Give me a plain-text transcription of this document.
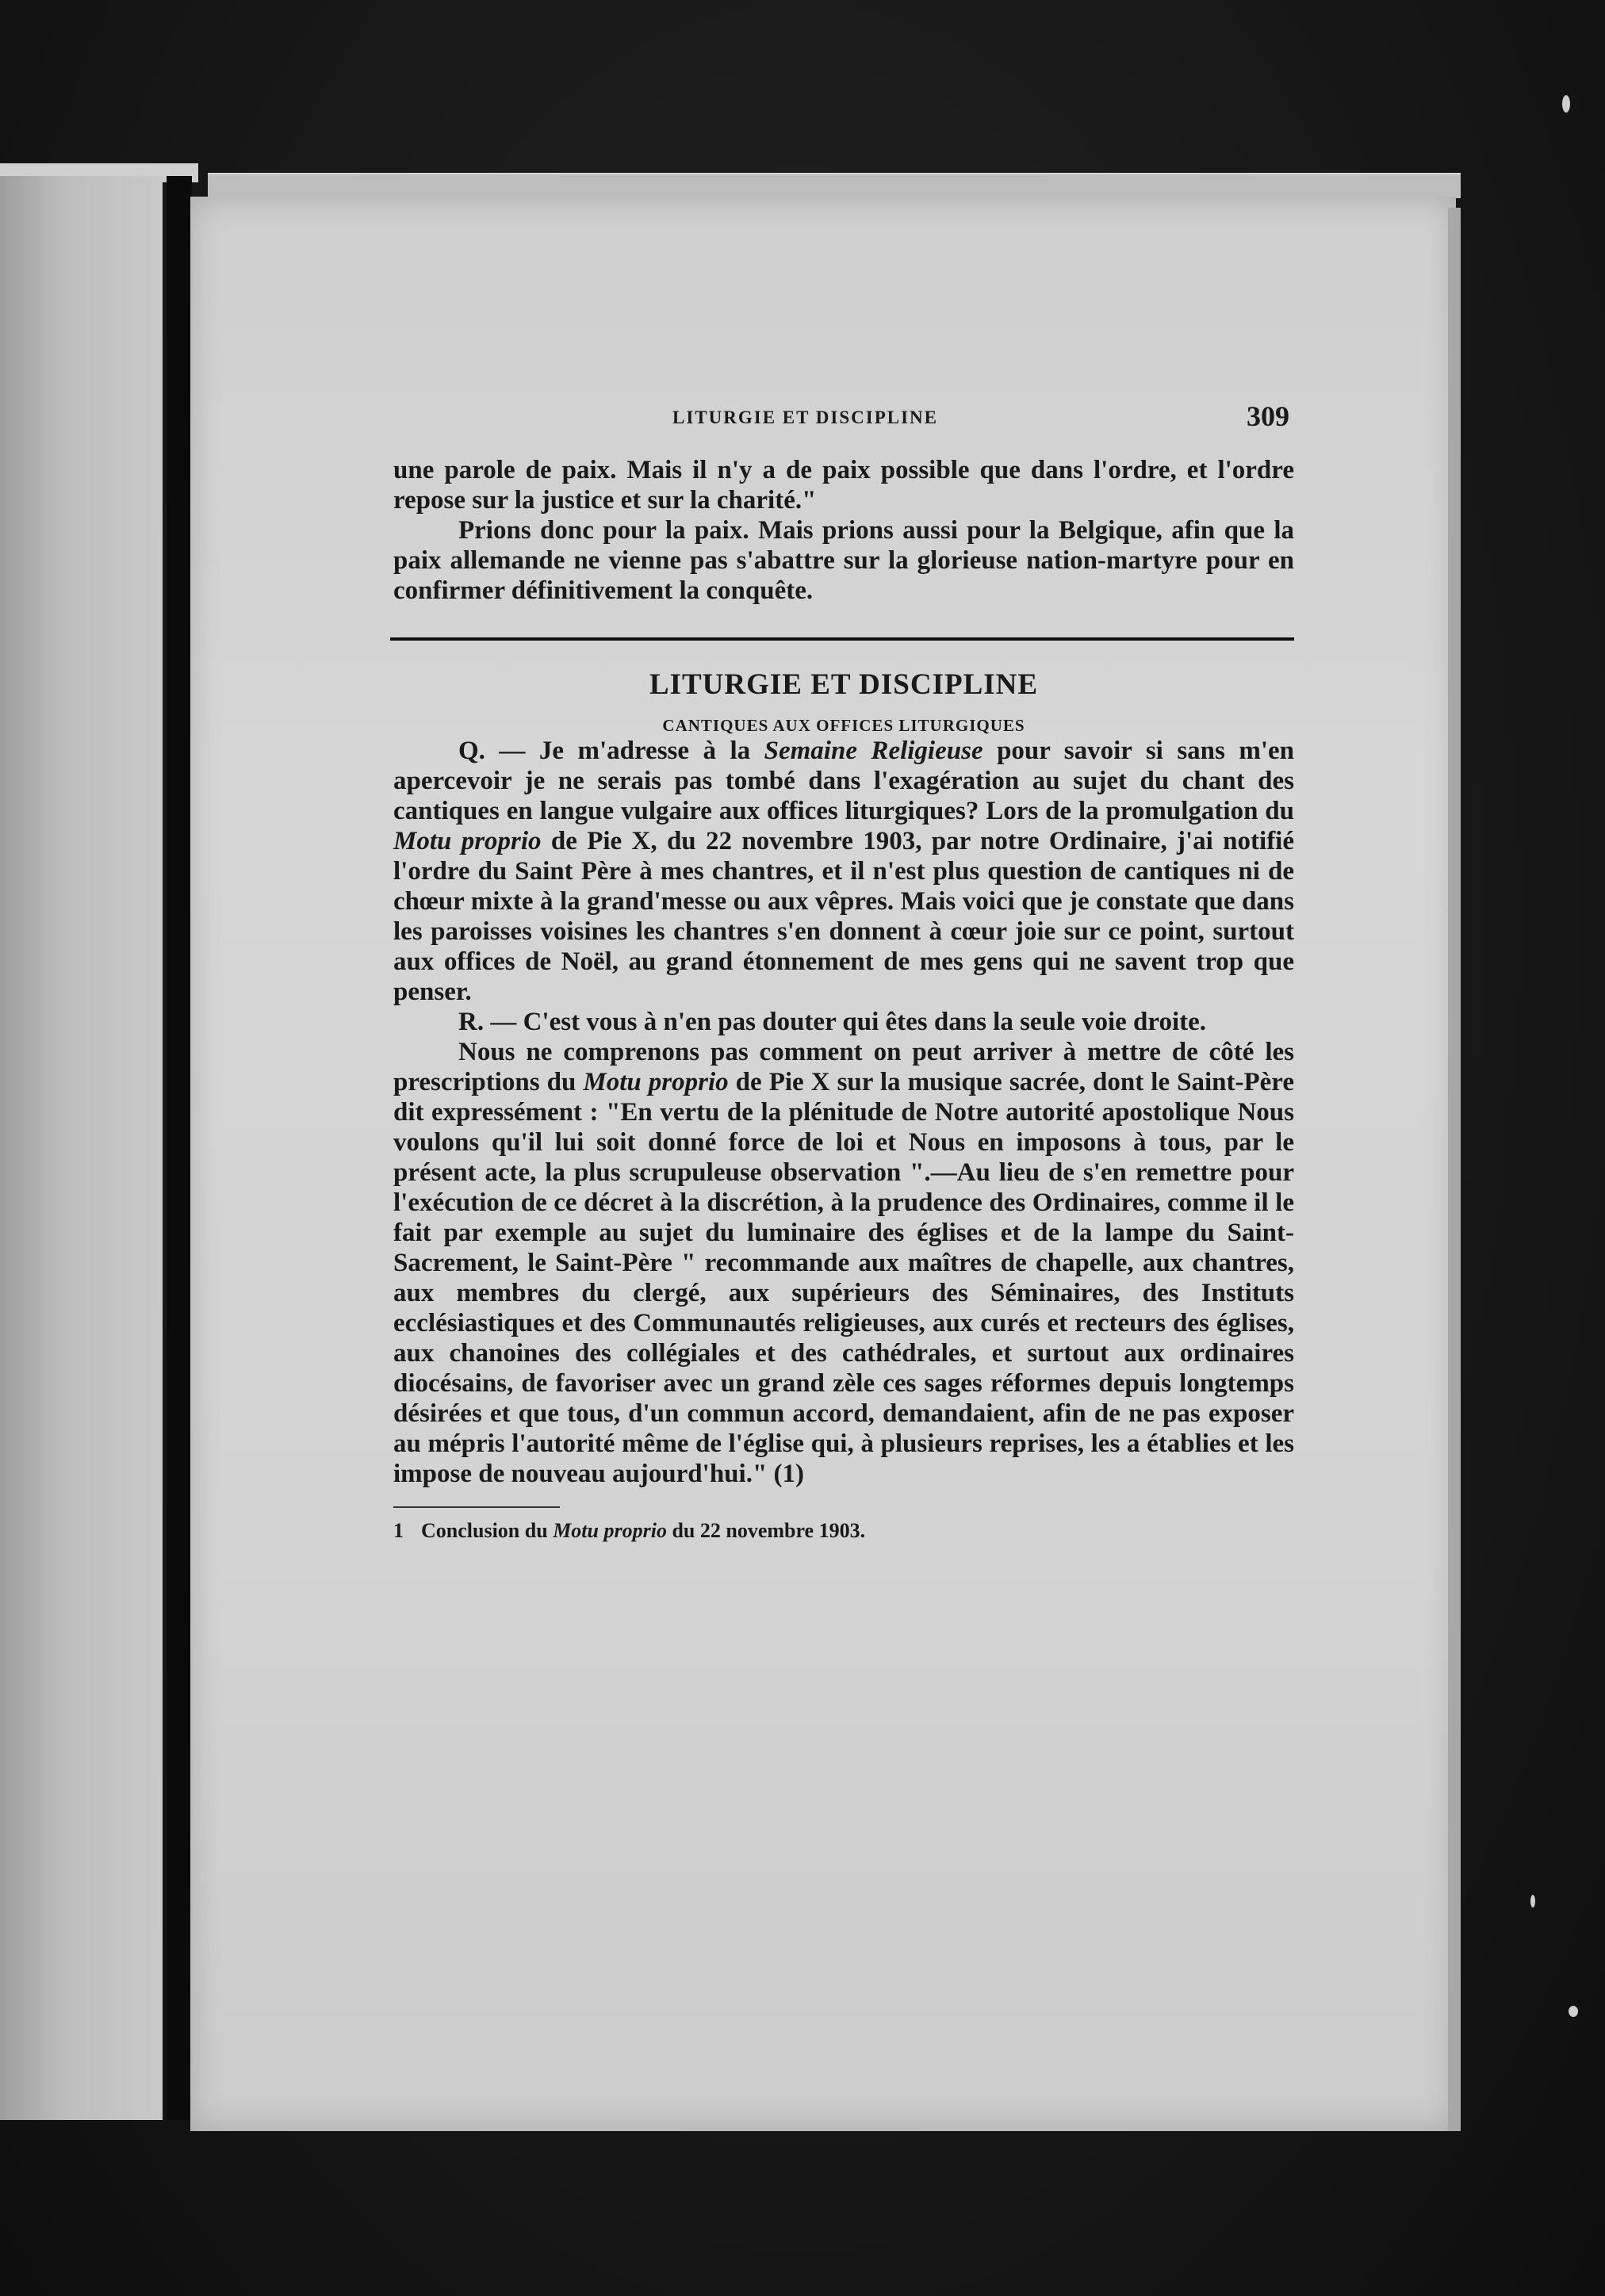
LITURGIE ET DISCIPLINE	309

une parole de paix. Mais il n'y a de paix possible que dans l'ordre, et l'ordre repose sur la justice et sur la charité."

Prions donc pour la paix. Mais prions aussi pour la Belgique, afin que la paix allemande ne vienne pas s'abattre sur la glorieuse nation-martyre pour en confirmer définitivement la conquête.

LITURGIE ET DISCIPLINE
CANTIQUES AUX OFFICES LITURGIQUES

Q. — Je m'adresse à la Semaine Religieuse pour savoir si sans m'en apercevoir je ne serais pas tombé dans l'exagération au sujet du chant des cantiques en langue vulgaire aux offices liturgiques? Lors de la promulgation du Motu proprio de Pie X, du 22 novembre 1903, par notre Ordinaire, j'ai notifié l'ordre du Saint Père à mes chantres, et il n'est plus question de cantiques ni de chœur mixte à la grand'messe ou aux vêpres. Mais voici que je constate que dans les paroisses voisines les chantres s'en donnent à cœur joie sur ce point, surtout aux offices de Noël, au grand étonnement de mes gens qui ne savent trop que penser.

R. — C'est vous à n'en pas douter qui êtes dans la seule voie droite.

Nous ne comprenons pas comment on peut arriver à mettre de côté les prescriptions du Motu proprio de Pie X sur la musique sacrée, dont le Saint-Père dit expressément : "En vertu de la plénitude de Notre autorité apostolique Nous voulons qu'il lui soit donné force de loi et Nous en imposons à tous, par le présent acte, la plus scrupuleuse observation ".—Au lieu de s'en remettre pour l'exécution de ce décret à la discrétion, à la prudence des Ordinaires, comme il le fait par exemple au sujet du luminaire des églises et de la lampe du Saint-Sacrement, le Saint-Père " recommande aux maîtres de chapelle, aux chantres, aux membres du clergé, aux supérieurs des Séminaires, des Instituts ecclésiastiques et des Communautés religieuses, aux curés et recteurs des églises, aux chanoines des collégiales et des cathédrales, et surtout aux ordinaires diocésains, de favoriser avec un grand zèle ces sages réformes depuis longtemps désirées et que tous, d'un commun accord, demandaient, afin de ne pas exposer au mépris l'autorité même de l'église qui, à plusieurs reprises, les a établies et les impose de nouveau aujourd'hui." (1)

1 Conclusion du Motu proprio du 22 novembre 1903.
